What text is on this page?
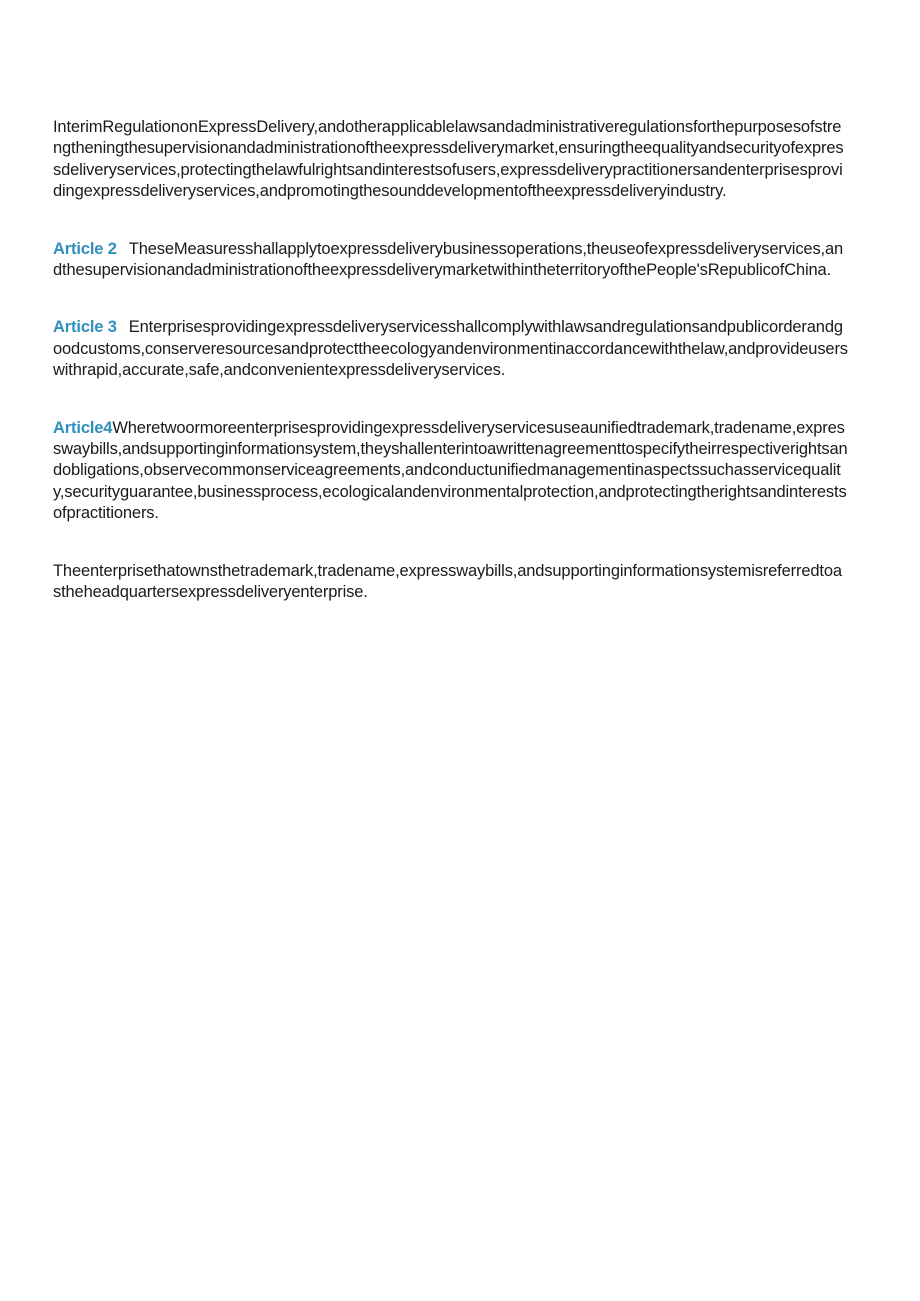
InterimRegulationonExpressDelivery,andotherapplicablelawsandadministrativeregulationsforthepurposesofstrengtheningthesupervisionandadministrationoftheexpressdeliverymarket,ensuringtheequalityandsecurityofexpressdeliveryservices,protectingthelawfulrightsandinterestsofusers,expressdeliverypractitionersandenterprisesprovidingexpressdeliveryservices,andpromotingthesounddevelopmentoftheexpressdeliveryindustry.

Article 2 TheseMeasuresshallapplytoexpressdeliverybusinessoperations,theuseofexpressdeliveryservices,andthesupervisionandadministrationoftheexpressdeliverymarketwithintheterritoryofthePeople'sRepublicofChina.

Article 3 Enterprisesprovidingexpressdeliveryservicesshallcomplywithlawsandregulationsandpublicorderandgoodcustoms,conserveresourcesandprotecttheecologyandenvironmentinaccordancewiththelaw,andprovideuserswithrapid,accurate,safe,andconvenientexpressdeliveryservices.

Article4Wheretwoormoreenterprisesprovidingexpressdeliveryservicesuseaunifiedtrademark,tradename,expresswaybills,andsupportinginformationsystem,theyshallenterintoawrittenagreementtospecifytheirrespectiverightsandobligations,observecommonserviceagreements,andconductunifiedmanagementinaspectssuchasservicequality,securityguarantee,businessprocess,ecologicalandenvironmentalprotection,andprotectingtherightsandinterestsofpractitioners.

Theenterprisethatownsthetrademark,tradename,expresswaybills,andsupportinginformationsystemisreferredtoastheheadquartersexpressdeliveryenterprise.
